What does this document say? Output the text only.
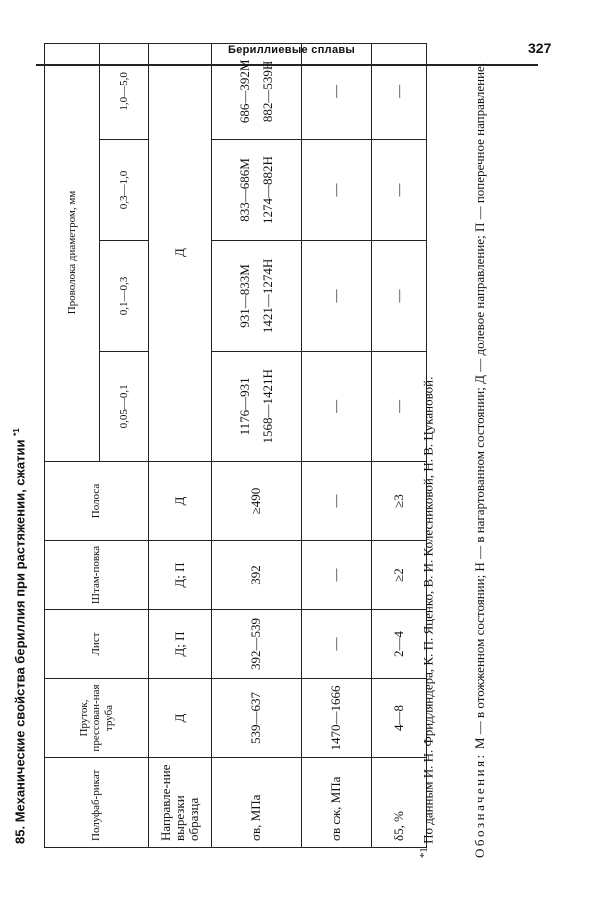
Бериллиевые сплавы	327
85. Механические свойства бериллия при растяжении, сжатии $^{*1}$
Полуфаб-рикат	Пруток, прессован-ная труба	Лист	Штам-повка	Полоса	Проволока диаметром, мм			
					0,05—0,1	0,1—0,3	0,3—1,0	1,0—5,0
Направле-ние вырезки образца	Д	Д; П	Д; П	Д	Д			
σв, МПа	539—637	392—539	392	≥490	1176—931 1568—1421Н	931—833М 1421—1274Н	833—686М 1274—882Н	686—392М 882—539Н

σв сж, МПа	1470—1666	—	—	—	—	—	—	—
δ5, %	4—8	2—4	≥2	≥3	—	—	—	—
$^{*1}$ По данным И. Н. Фридляндера, К. П. Яценко, В. И. Колесниковой, Н. В. Цукановой.	Обозначения: М — в отожженном состоянии; Н — в нагартованном состоянии; Д — долевое направление; П — поперечное направление.
